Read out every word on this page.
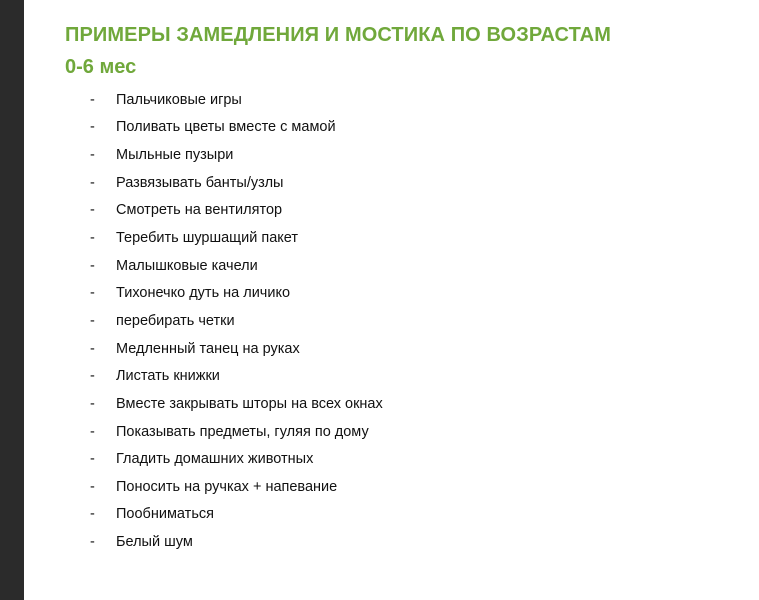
ПРИМЕРЫ ЗАМЕДЛЕНИЯ И МОСТИКА ПО ВОЗРАСТАМ
0-6 мес
-	Пальчиковые игры
-	Поливать цветы вместе с мамой
-	Мыльные пузыри
-	Развязывать банты/узлы
-	Смотреть на вентилятор
-	Теребить шуршащий пакет
-	Малышковые качели
-	Тихонечко дуть на личико
-	перебирать четки
-	Медленный танец на руках
-	Листать книжки
-	Вместе закрывать шторы на всех окнах
-	Показывать предметы, гуляя по дому
-	Гладить домашних животных
-	Поносить на ручках + напевание
-	Пообниматься
-	Белый шум
